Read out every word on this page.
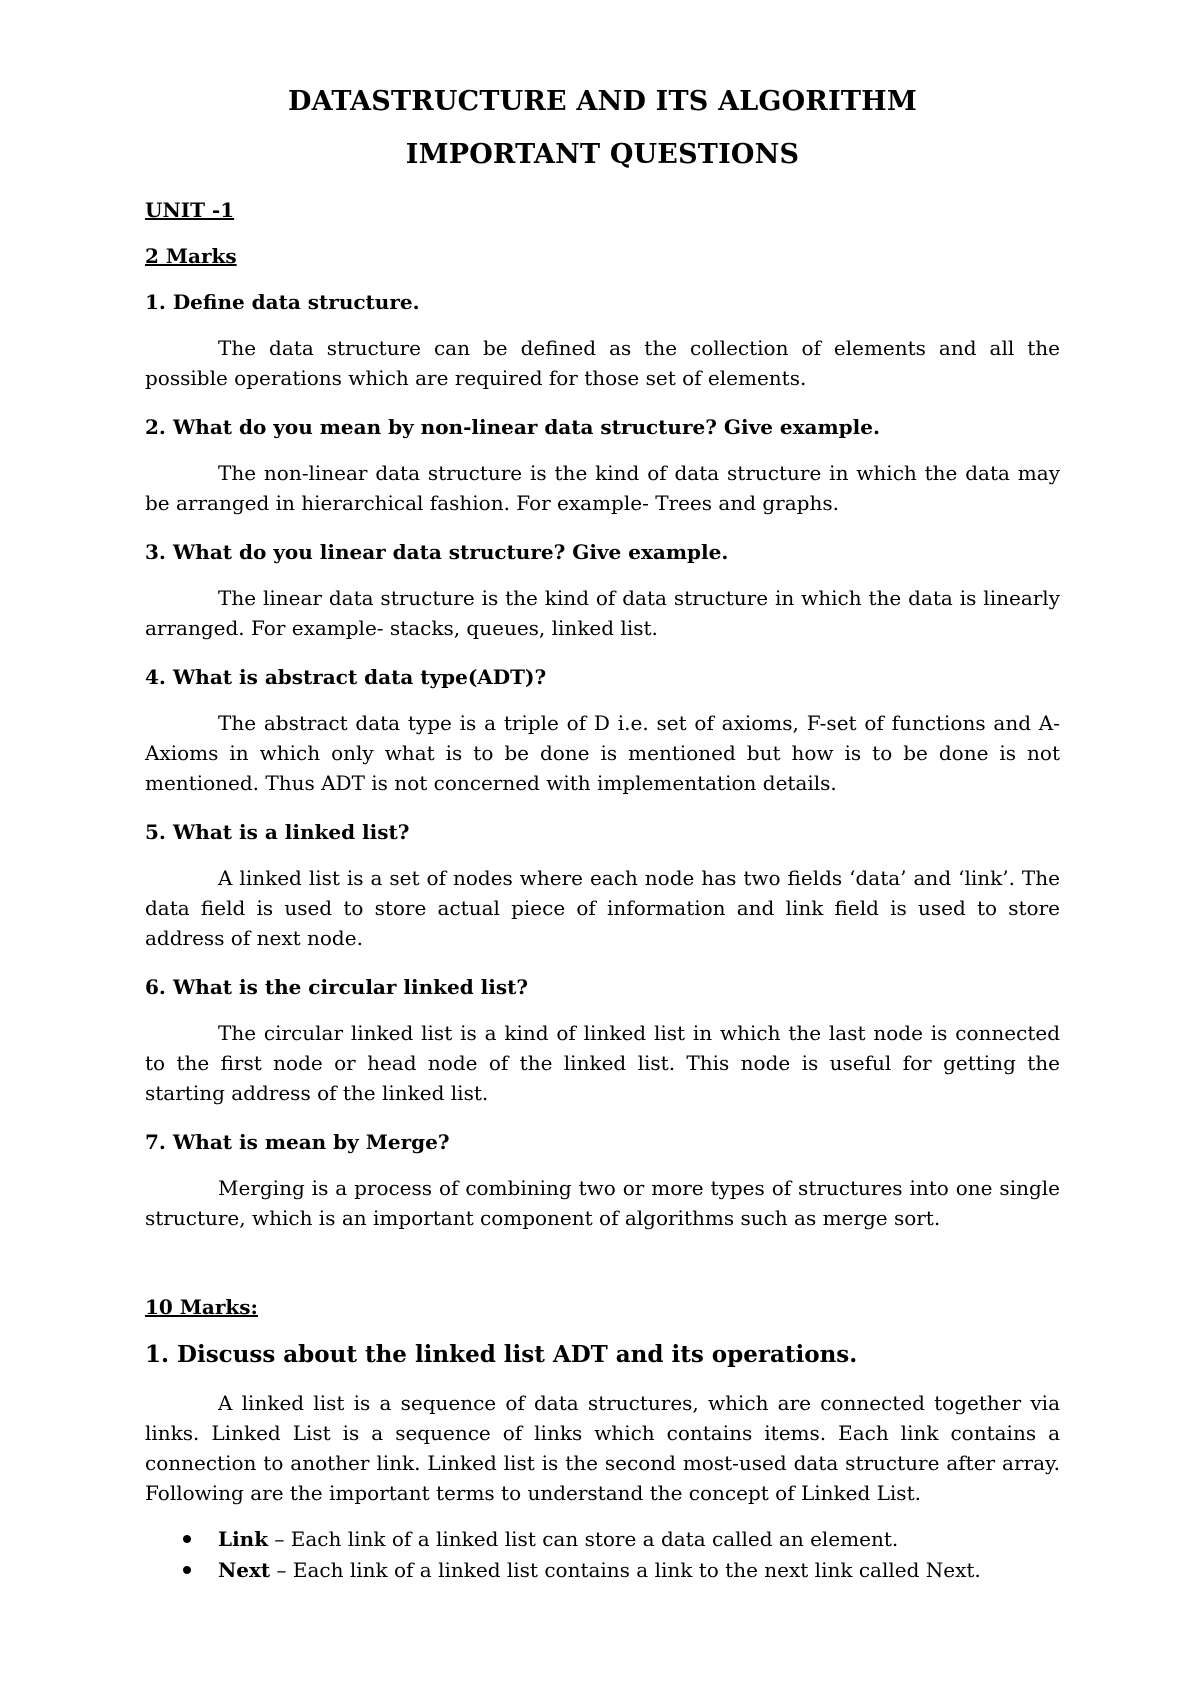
DATASTRUCTURE AND ITS ALGORITHM

IMPORTANT QUESTIONS

UNIT -1

2 Marks

1. Define data structure.

The data structure can be defined as the collection of elements and all the possible operations which are required for those set of elements.

2. What do you mean by non-linear data structure? Give example.

The non-linear data structure is the kind of data structure in which the data may be arranged in hierarchical fashion. For example- Trees and graphs.

3. What do you linear data structure? Give example.

The linear data structure is the kind of data structure in which the data is linearly arranged. For example- stacks, queues, linked list.

4. What is abstract data type(ADT)?

The abstract data type is a triple of D i.e. set of axioms, F-set of functions and A-Axioms in which only what is to be done is mentioned but how is to be done is not mentioned. Thus ADT is not concerned with implementation details.

5. What is a linked list?

A linked list is a set of nodes where each node has two fields ‘data’ and ‘link’. The data field is used to store actual piece of information and link field is used to store address of next node.

6. What is the circular linked list?

The circular linked list is a kind of linked list in which the last node is connected to the first node or head node of the linked list. This node is useful for getting the starting address of the linked list.

7. What is mean by Merge?

Merging is a process of combining two or more types of structures into one single structure, which is an important component of algorithms such as merge sort.

10 Marks:

1. Discuss about the linked list ADT and its operations.

A linked list is a sequence of data structures, which are connected together via links. Linked List is a sequence of links which contains items. Each link contains a connection to another link. Linked list is the second most-used data structure after array. Following are the important terms to understand the concept of Linked List.

Link – Each link of a linked list can store a data called an element.
Next – Each link of a linked list contains a link to the next link called Next.
